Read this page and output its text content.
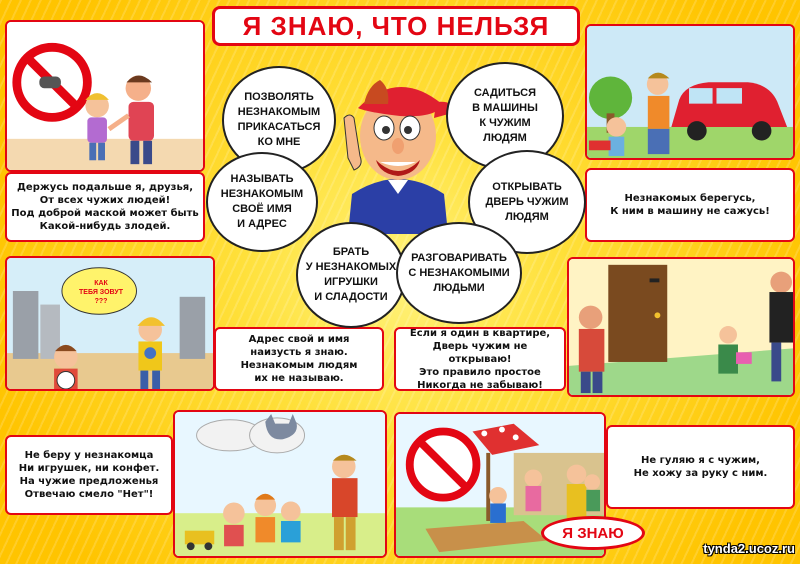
Я ЗНАЮ, ЧТО НЕЛЬЗЯ
Держусь подальше я, друзья,
От всех чужих людей!
Под доброй маской может быть
Какой-нибудь злодей.
Незнакомых берегусь,
К ним в машину не сажусь!
КАК
ТЕБЯ ЗОВУТ
???
Адрес свой и имя
наизусть я знаю.
Незнакомым людям
их не называю.
Если я один в квартире,
Дверь чужим не открываю!
Это правило простое
Никогда не забываю!
Не беру у незнакомца
Ни игрушек, ни конфет.
На чужие предложенья
Отвечаю смело "Нет"!
Не гуляю я с чужим,
Не хожу за руку с ним.
Я ЗНАЮ
ПОЗВОЛЯТЬ
НЕЗНАКОМЫМ
ПРИКАСАТЬСЯ
КО МНЕ
САДИТЬСЯ
В МАШИНЫ
К ЧУЖИМ
ЛЮДЯМ
НАЗЫВАТЬ
НЕЗНАКОМЫМ
СВОЁ ИМЯ
И АДРЕС
ОТКРЫВАТЬ
ДВЕРЬ ЧУЖИМ
ЛЮДЯМ
БРАТЬ
У НЕЗНАКОМЫХ
ИГРУШКИ
И СЛАДОСТИ
РАЗГОВАРИВАТЬ
С НЕЗНАКОМЫМИ
ЛЮДЬМИ
tynda2.ucoz.ru
